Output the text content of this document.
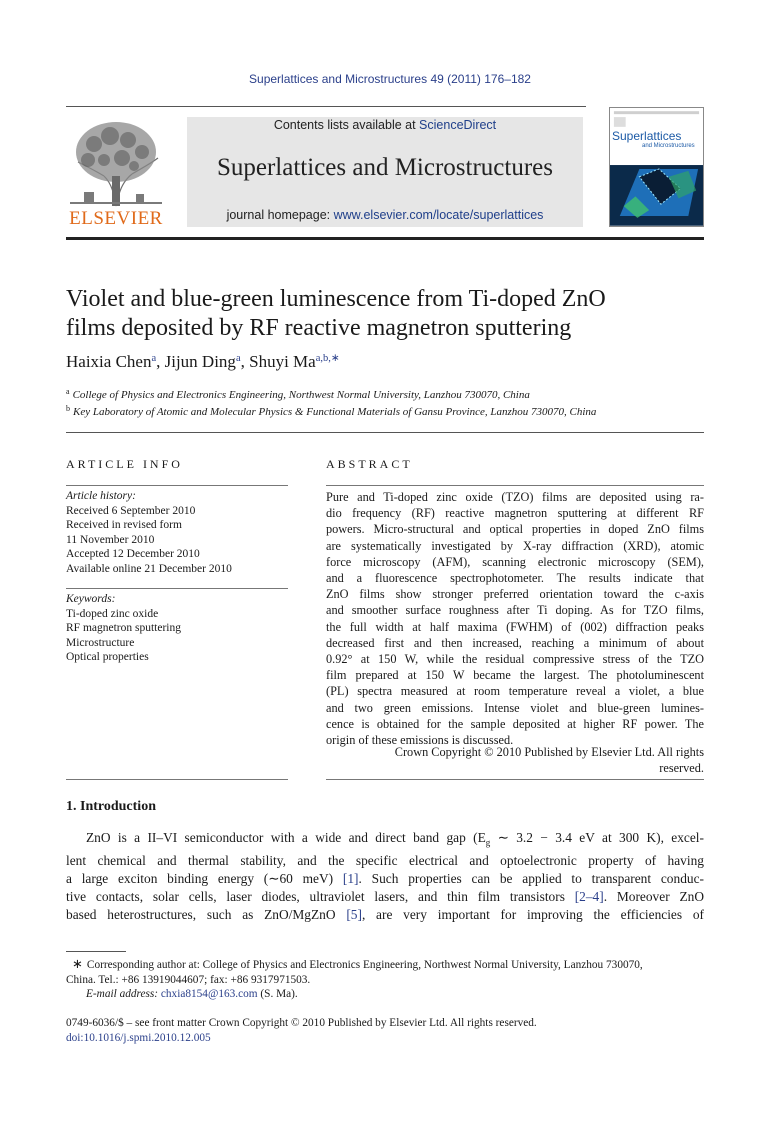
Superlattices and Microstructures 49 (2011) 176–182
ELSEVIER
Contents lists available at ScienceDirect
Superlattices and Microstructures
journal homepage: www.elsevier.com/locate/superlattices
Superlattices
and Microstructures
Violet and blue-green luminescence from Ti-doped ZnO
films deposited by RF reactive magnetron sputtering
Haixia Chen$^a$, Jijun Ding$^a$, Shuyi $Ma^{a,b,∗}$
$^a$ College of Physics and Electronics Engineering, Northwest Normal University, Lanzhou 730070, China
$^b$ Key Laboratory of Atomic and Molecular Physics & Functional Materials of Gansu Province, Lanzhou 730070, China
ARTICLE INFO
Article history:
Received 6 September 2010
Received in revised form
11 November 2010
Accepted 12 December 2010
Available online 21 December 2010
Keywords:
Ti-doped zinc oxide
RF magnetron sputtering
Microstructure
Optical properties
ABSTRACT
Pure and Ti-doped zinc oxide (TZO) films are deposited using ra-
dio frequency (RF) reactive magnetron sputtering at different RF
powers. Micro-structural and optical properties in doped ZnO films
are systematically investigated by X-ray diffraction (XRD), atomic
force microscopy (AFM), scanning electronic microscopy (SEM),
and a fluorescence spectrophotometer. The results indicate that
ZnO films show stronger preferred orientation toward the c-axis
and smoother surface roughness after Ti doping. As for TZO films,
the full width at half maxima (FWHM) of (002) diffraction peaks
decreased first and then increased, reaching a minimum of about
0.92° at 150 W, while the residual compressive stress of the TZO
film prepared at 150 W became the largest. The photoluminescent
(PL) spectra measured at room temperature reveal a violet, a blue
and two green emissions. Intense violet and blue-green lumines-
cence is obtained for the sample deposited at higher RF power. The
origin of these emissions is discussed.
Crown Copyright © 2010 Published by Elsevier Ltd. All rights
reserved.
1. Introduction
ZnO is a II–VI semiconductor with a wide and direct band gap ($E_g$ ∼ 3.2 − 3.4 eV at 300 K), excel-
lent chemical and thermal stability, and the specific electrical and optoelectronic property of having
a large exciton binding energy (∼60 meV) [1]. Such properties can be applied to transparent conduc-
tive contacts, solar cells, laser diodes, ultraviolet lasers, and thin film transistors [2–4]. Moreover ZnO
based heterostructures, such as ZnO/MgZnO [5], are very important for improving the efficiencies of
∗ Corresponding author at: College of Physics and Electronics Engineering, Northwest Normal University, Lanzhou 730070,
China. Tel.: +86 13919044607; fax: +86 9317971503.
E-mail address: chxia8154@163.com (S. Ma).
0749-6036/$ – see front matter Crown Copyright © 2010 Published by Elsevier Ltd. All rights reserved.
doi:10.1016/j.spmi.2010.12.005
